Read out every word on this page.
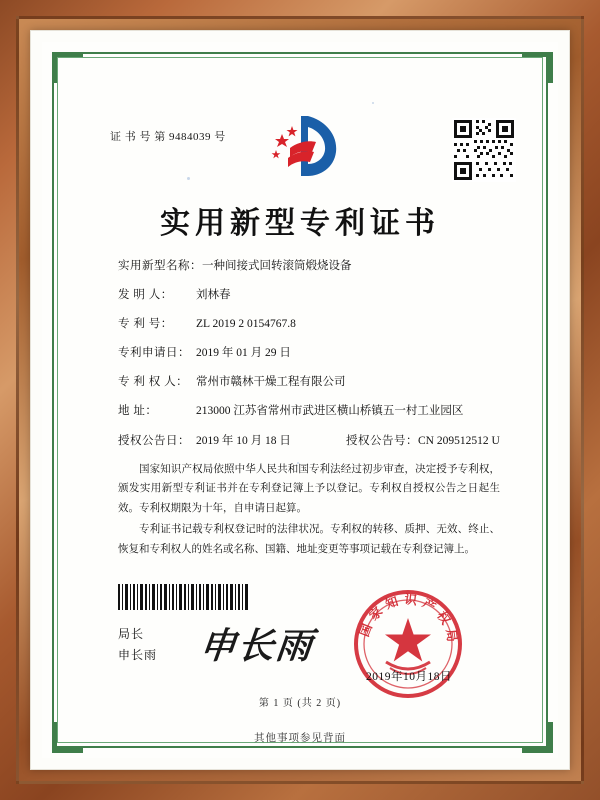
证 书 号 第 9484039 号
实用新型专利证书
实用新型名称： 一种间接式回转滚筒煅烧设备
发 明 人：	刘林春
专 利 号：	ZL 2019 2 0154767.8
专利申请日： 2019 年 01 月 29 日
专 利 权 人： 常州市赣林干燥工程有限公司
地 址：	213000 江苏省常州市武进区横山桥镇五一村工业园区
授权公告日： 2019 年 10 月 18 日	授权公告号： CN 209512512 U

国家知识产权局依照中华人民共和国专利法经过初步审查，决定授予专利权，颁发实用新型专利证书并在专利登记簿上予以登记。专利权自授权公告之日起生效。专利权期限为十年，自申请日起算。

专利证书记载专利权登记时的法律状况。专利权的转移、质押、无效、终止、恢复和专利权人的姓名或名称、国籍、地址变更等事项记载在专利登记簿上。

局长
申长雨 申长雨	国家知识产权局
2019年10月18日
第 1 页 (共 2 页)
其他事项参见背面
